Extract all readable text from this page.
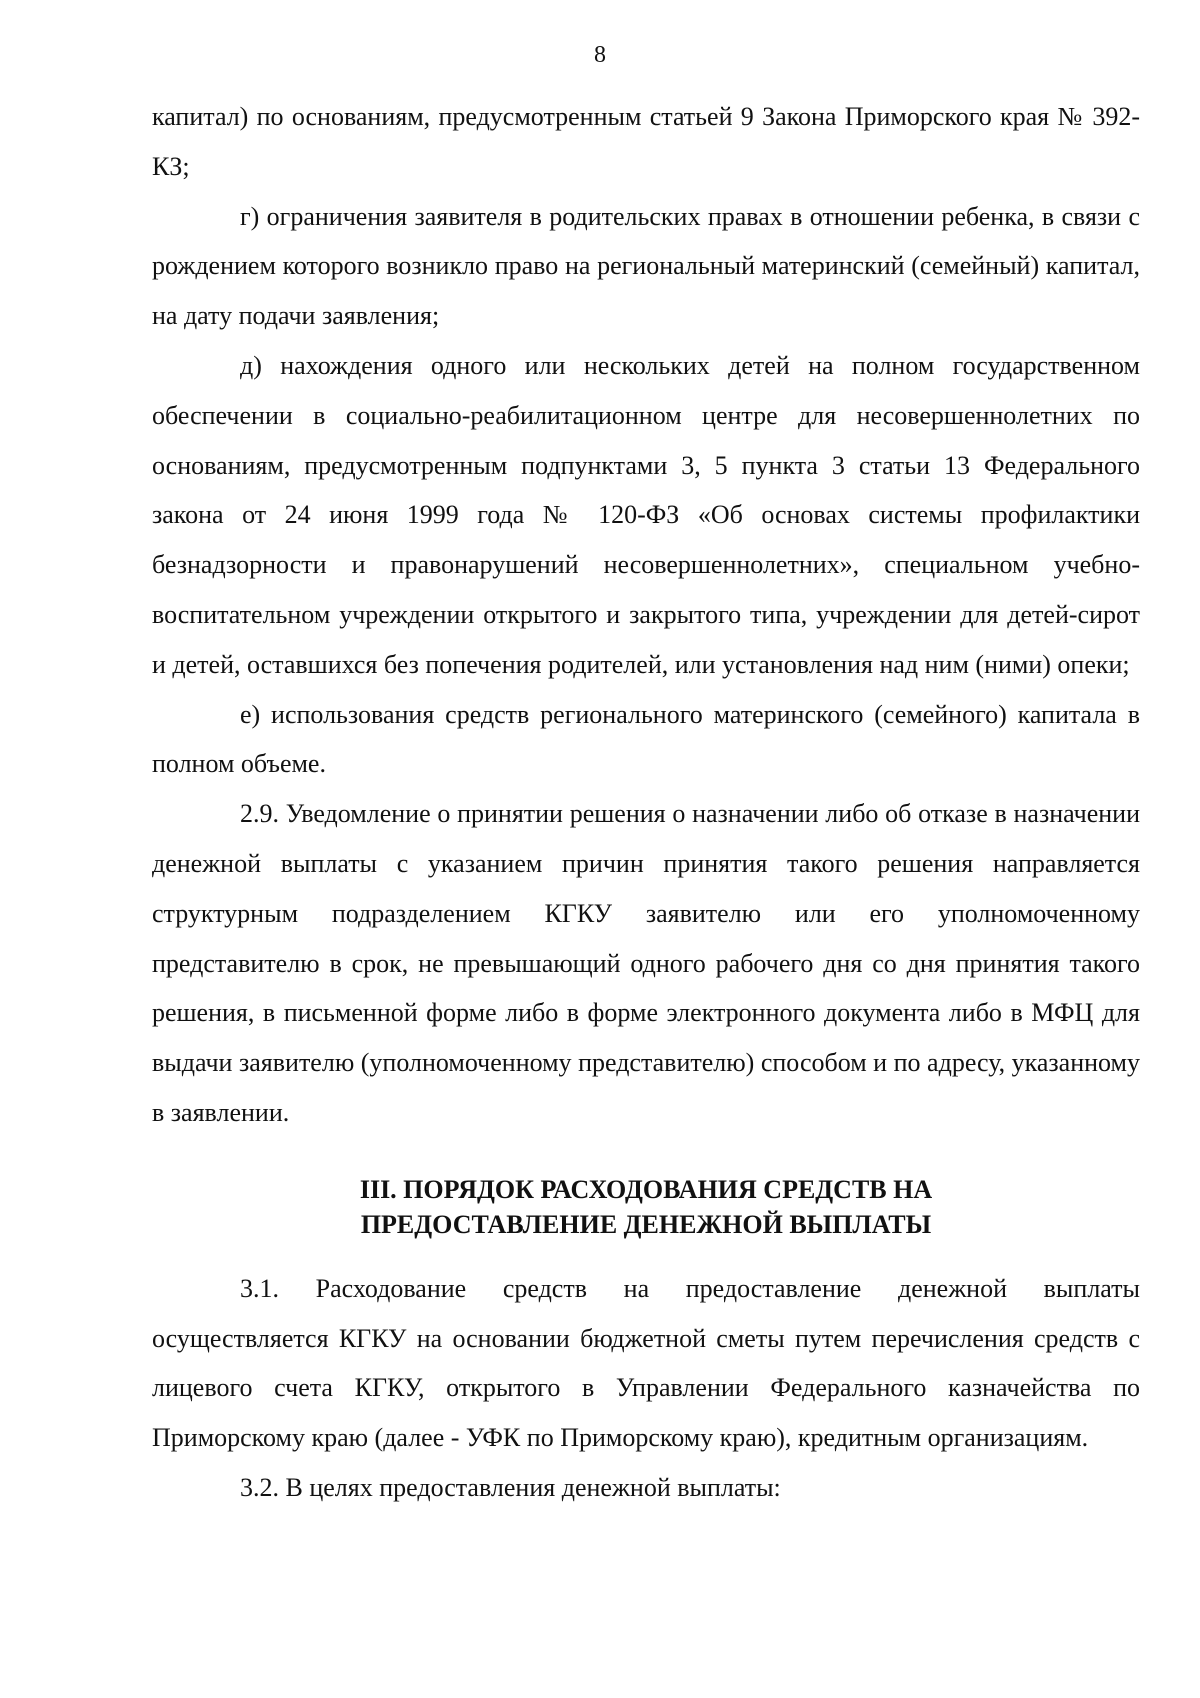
8

капитал) по основаниям, предусмотренным статьей 9 Закона Приморского края № 392-КЗ;

г) ограничения заявителя в родительских правах в отношении ребенка, в связи с рождением которого возникло право на региональный материнский (семейный) капитал, на дату подачи заявления;

д) нахождения одного или нескольких детей на полном государственном обеспечении в социально-реабилитационном центре для несовершеннолетних по основаниям, предусмотренным подпунктами 3, 5 пункта 3 статьи 13 Федерального закона от 24 июня 1999 года № 120-ФЗ «Об основах системы профилактики безнадзорности и правонарушений несовершеннолетних», специальном учебно-воспитательном учреждении открытого и закрытого типа, учреждении для детей-сирот и детей, оставшихся без попечения родителей, или установления над ним (ними) опеки;

е) использования средств регионального материнского (семейного) капитала в полном объеме.

2.9. Уведомление о принятии решения о назначении либо об отказе в назначении денежной выплаты с указанием причин принятия такого решения направляется структурным подразделением КГКУ заявителю или его уполномоченному представителю в срок, не превышающий одного рабочего дня со дня принятия такого решения, в письменной форме либо в форме электронного документа либо в МФЦ для выдачи заявителю (уполномоченному представителю) способом и по адресу, указанному в заявлении.

III. ПОРЯДОК РАСХОДОВАНИЯ СРЕДСТВ НА
ПРЕДОСТАВЛЕНИЕ ДЕНЕЖНОЙ ВЫПЛАТЫ

3.1. Расходование средств на предоставление денежной выплаты осуществляется КГКУ на основании бюджетной сметы путем перечисления средств с лицевого счета КГКУ, открытого в Управлении Федерального казначейства по Приморскому краю (далее - УФК по Приморскому краю), кредитным организациям.

3.2. В целях предоставления денежной выплаты:
